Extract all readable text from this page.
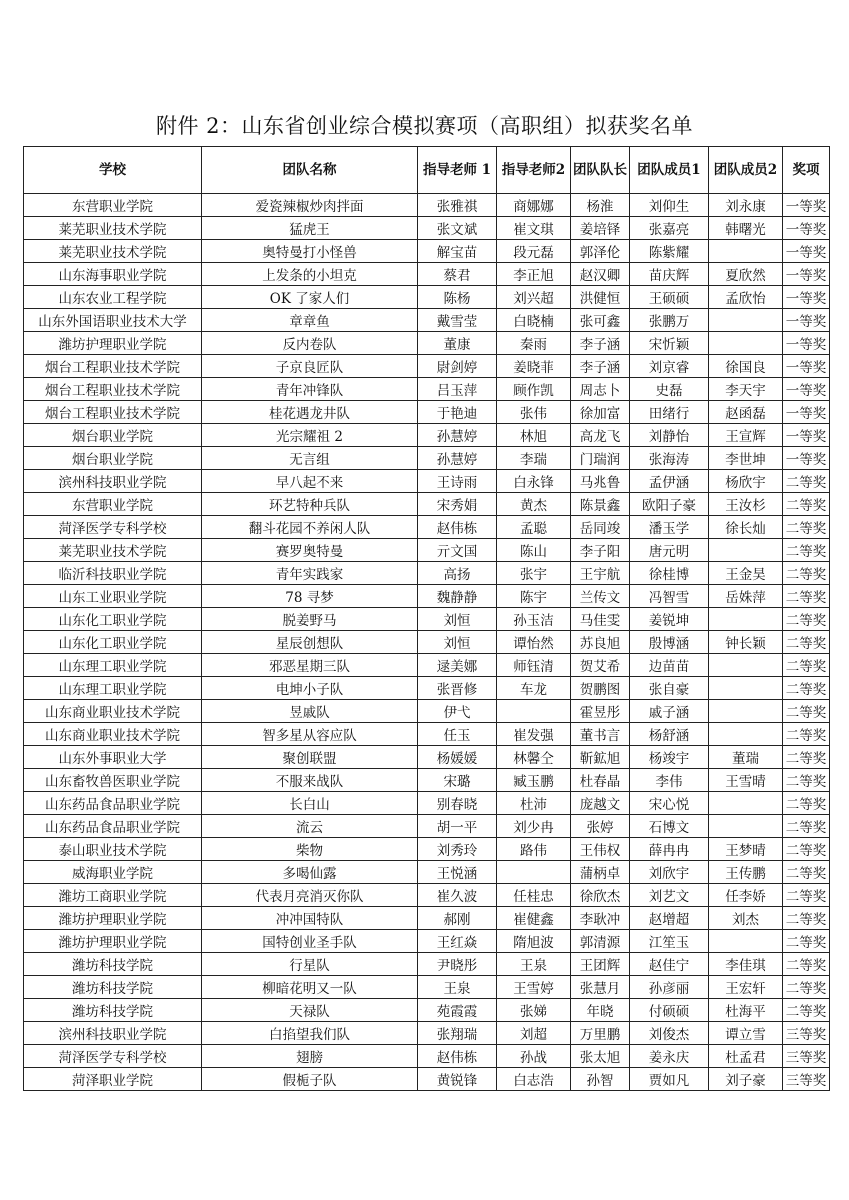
附件 2：山东省创业综合模拟赛项（高职组）拟获奖名单
学校	团队名称	指导老师 1	指导老师2	团队队长	团队成员1	团队成员2	奖项
东营职业学院	爱瓷辣椒炒肉拌面	张雅祺	商娜娜	杨淮	刘仰生	刘永康	一等奖
莱芜职业技术学院	猛虎王	张文斌	崔文琪	姜培铎	张嘉亮	韩曙光	一等奖
莱芜职业技术学院	奥特曼打小怪兽	解宝苗	段元磊	郭泽伦	陈紫耀		一等奖
山东海事职业学院	上发条的小坦克	蔡君	李正旭	赵汉卿	苗庆辉	夏欣然	一等奖
山东农业工程学院	OK 了家人们	陈杨	刘兴超	洪健恒	王硕硕	孟欣怡	一等奖
山东外国语职业技术大学	章章鱼	戴雪莹	白晓楠	张可鑫	张鹏万		一等奖
潍坊护理职业学院	反内卷队	董康	秦雨	李子涵	宋忻颖		一等奖
烟台工程职业技术学院	子京良匠队	尉剑婷	姜晓菲	李子涵	刘京睿	徐国良	一等奖
烟台工程职业技术学院	青年冲锋队	吕玉萍	顾作凯	周志卜	史磊	李天宇	一等奖
烟台工程职业技术学院	桂花遇龙井队	于艳迪	张伟	徐加富	田绪行	赵函磊	一等奖
烟台职业学院	光宗耀祖 2	孙慧婷	林旭	高龙飞	刘静怡	王宣辉	一等奖
烟台职业学院	无言组	孙慧婷	李瑞	门瑞润	张海涛	李世坤	一等奖
滨州科技职业学院	早八起不来	王诗雨	白永锋	马兆鲁	孟伊涵	杨欣宇	二等奖
东营职业学院	环艺特种兵队	宋秀娟	黄杰	陈景鑫	欧阳子豪	王汝杉	二等奖
菏泽医学专科学校	翻斗花园不养闲人队	赵伟栋	孟聪	岳同竣	潘玉学	徐长灿	二等奖
莱芜职业技术学院	赛罗奥特曼	亓文国	陈山	李子阳	唐元明		二等奖
临沂科技职业学院	青年实践家	高扬	张宇	王宇航	徐桂博	王金昊	二等奖
山东工业职业学院	78 寻梦	魏静静	陈宇	兰传文	冯智雪	岳姝萍	二等奖
山东化工职业学院	脱姜野马	刘恒	孙玉洁	马佳雯	姜锐坤		二等奖
山东化工职业学院	星辰创想队	刘恒	谭怡然	苏良旭	殷博涵	钟长颖	二等奖
山东理工职业学院	邪恶星期三队	逯美娜	师钰清	贺艾希	边苗苗		二等奖
山东理工职业学院	电坤小子队	张晋修	车龙	贺鹏图	张自豪		二等奖
山东商业职业技术学院	昱戚队	伊弋		霍昱彤	戚子涵		二等奖
山东商业职业技术学院	智多星从容应队	任玉	崔发强	董书言	杨舒涵		二等奖
山东外事职业大学	聚创联盟	杨媛媛	林馨仝	靳鉱旭	杨竣宇	董瑞	二等奖
山东畜牧兽医职业学院	不服来战队	宋璐	臧玉鹏	杜春晶	李伟	王雪晴	二等奖
山东药品食品职业学院	长白山	别春晓	杜沛	庞越文	宋心悦		二等奖
山东药品食品职业学院	流云	胡一平	刘少冉	张婷	石博文		二等奖
泰山职业技术学院	柴物	刘秀玲	路伟	王伟权	薛冉冉	王梦晴	二等奖
威海职业学院	多喝仙露	王悦涵		蒲柄卓	刘欣宇	王传鹏	二等奖
潍坊工商职业学院	代表月亮消灭你队	崔久波	任桂忠	徐欣杰	刘艺文	任李娇	二等奖
潍坊护理职业学院	冲冲国特队	郝刚	崔健鑫	李耿冲	赵增超	刘杰	二等奖
潍坊护理职业学院	国特创业圣手队	王红焱	隋旭波	郭清源	江笙玉		二等奖
潍坊科技学院	行星队	尹晓彤	王泉	王团辉	赵佳宁	李佳琪	二等奖
潍坊科技学院	柳暗花明又一队	王泉	王雪婷	张慧月	孙彦丽	王宏轩	二等奖
潍坊科技学院	天禄队	苑霞霞	张娣	年晓	付硕硕	杜海平	二等奖
滨州科技职业学院	白掐望我们队	张翔瑞	刘超	万里鹏	刘俊杰	谭立雪	三等奖
菏泽医学专科学校	翅膀	赵伟栋	孙战	张太旭	姜永庆	杜孟君	三等奖
菏泽职业学院	假栀子队	黄锐锋	白志浩	孙智	贾如凡	刘子豪	三等奖
